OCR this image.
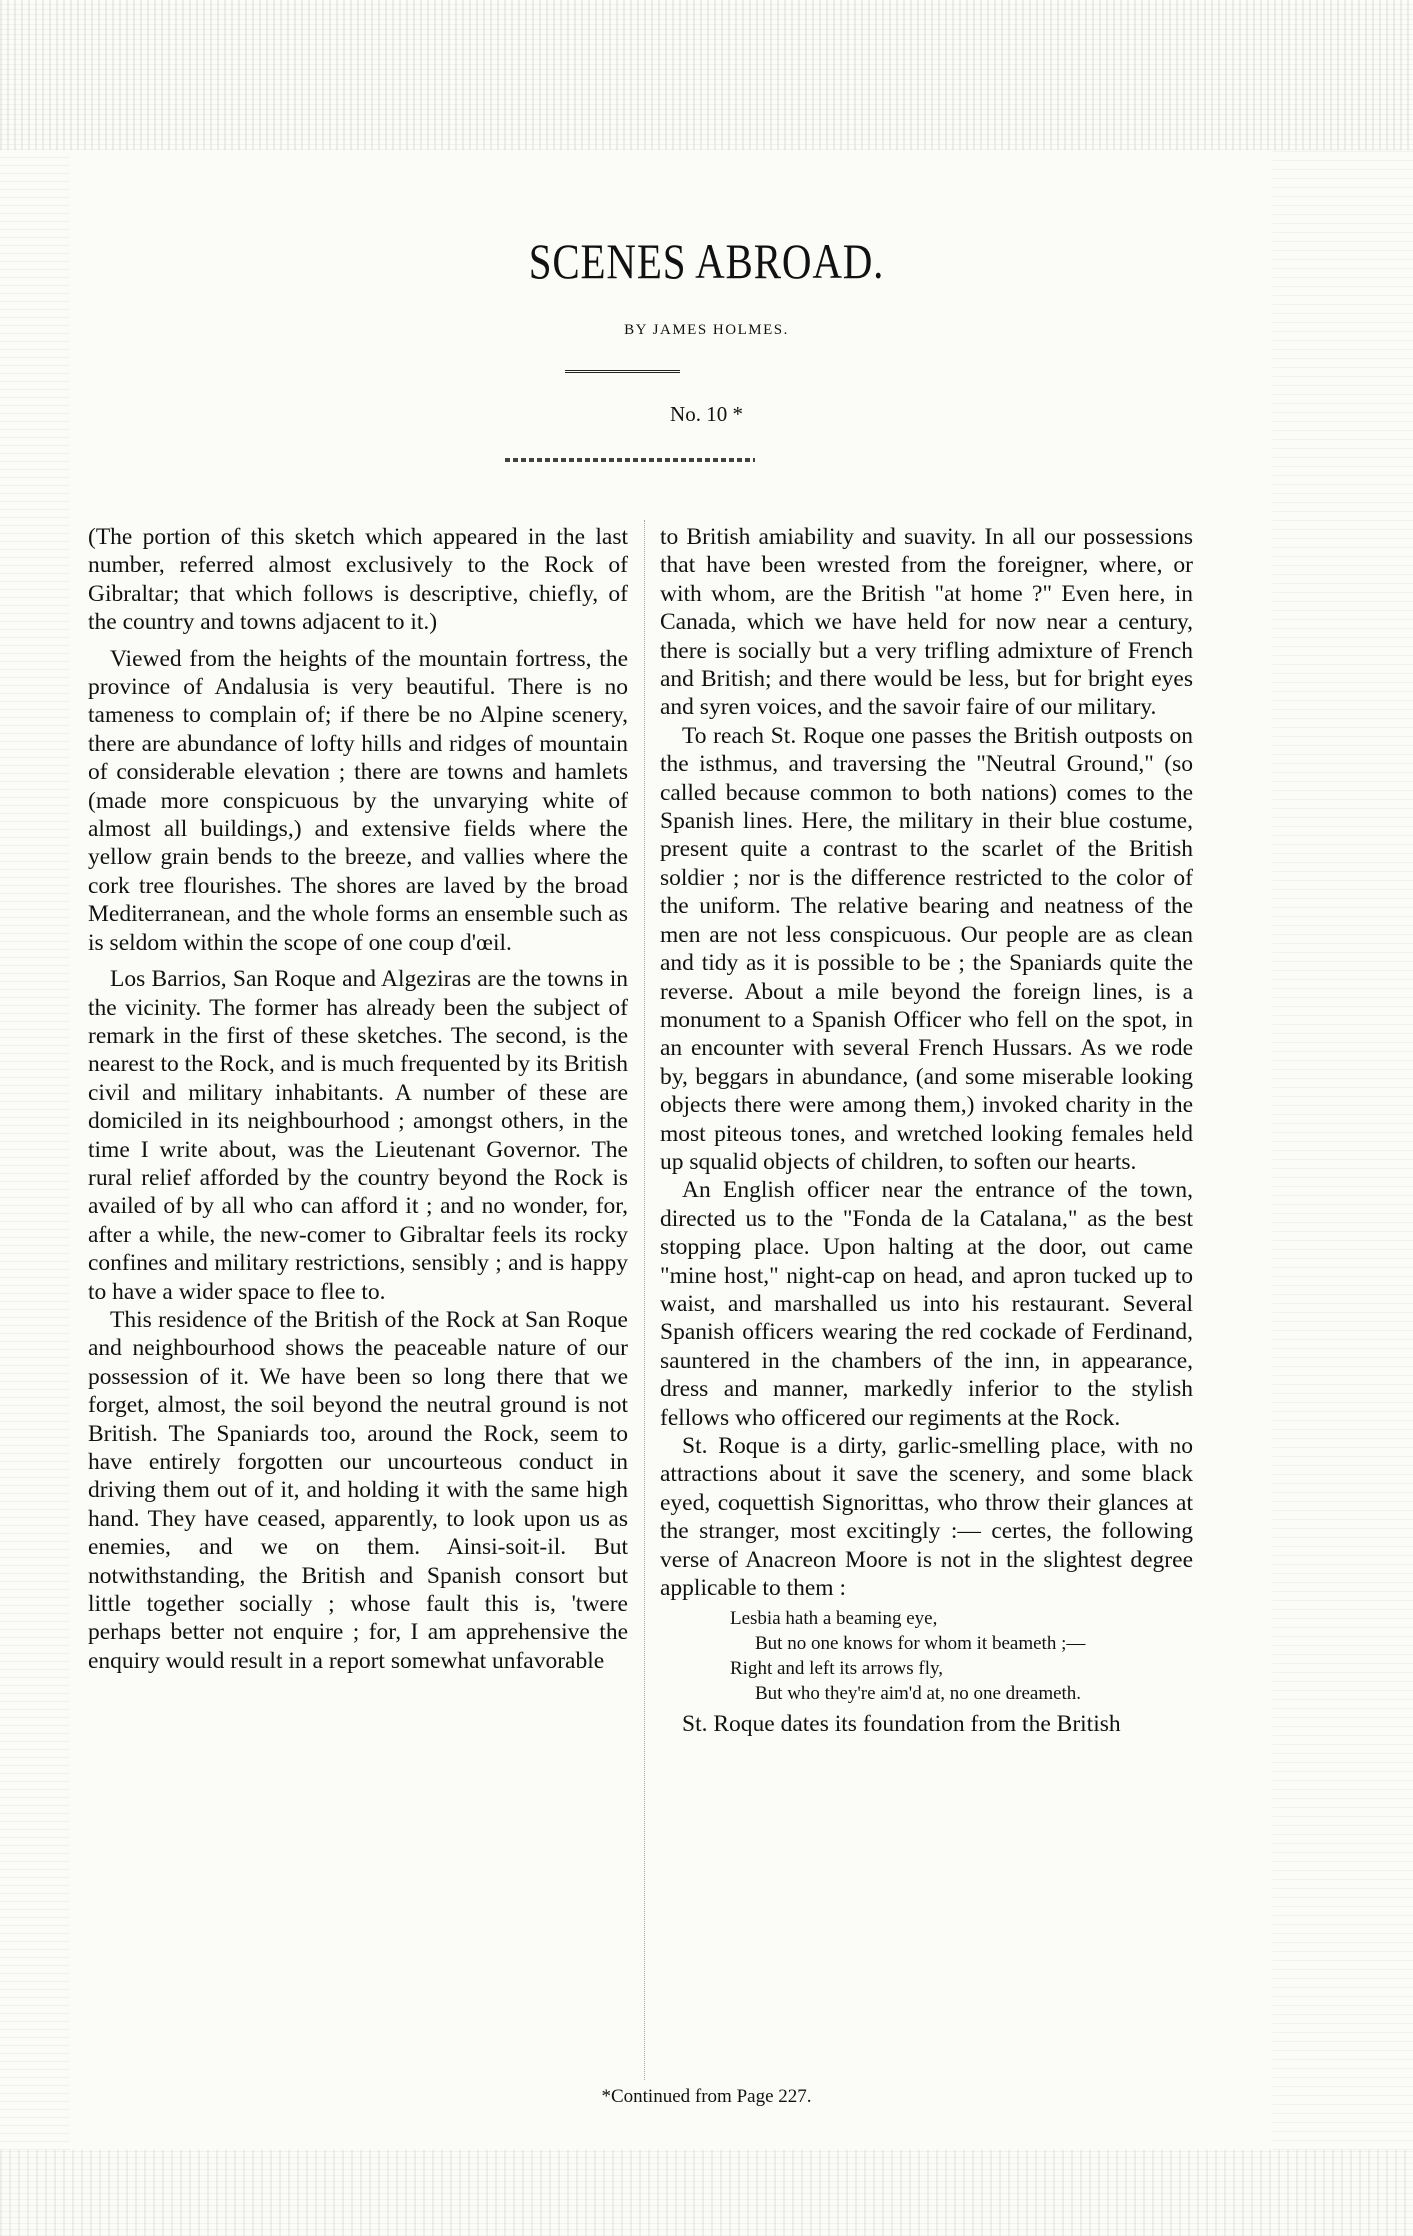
SCENES ABROAD.
BY JAMES HOLMES.
No. 10 *

(The portion of this sketch which appeared in the last number, referred almost exclusively to the Rock of Gibraltar; that which follows is descriptive, chiefly, of the country and towns adjacent to it.)

Viewed from the heights of the mountain fortress, the province of Andalusia is very beautiful. There is no tameness to complain of; if there be no Alpine scenery, there are abundance of lofty hills and ridges of mountain of considerable elevation ; there are towns and hamlets (made more conspicuous by the unvarying white of almost all buildings,) and extensive fields where the yellow grain bends to the breeze, and vallies where the cork tree flourishes. The shores are laved by the broad Mediterranean, and the whole forms an ensemble such as is seldom within the scope of one coup d'œil.

Los Barrios, San Roque and Algeziras are the towns in the vicinity. The former has already been the subject of remark in the first of these sketches. The second, is the nearest to the Rock, and is much frequented by its British civil and military inhabitants. A number of these are domiciled in its neighbourhood ; amongst others, in the time I write about, was the Lieutenant Governor. The rural relief afforded by the country beyond the Rock is availed of by all who can afford it ; and no wonder, for, after a while, the new-comer to Gibraltar feels its rocky confines and military restrictions, sensibly ; and is happy to have a wider space to flee to.

This residence of the British of the Rock at San Roque and neighbourhood shows the peaceable nature of our possession of it. We have been so long there that we forget, almost, the soil beyond the neutral ground is not British. The Spaniards too, around the Rock, seem to have entirely forgotten our uncourteous conduct in driving them out of it, and holding it with the same high hand. They have ceased, apparently, to look upon us as enemies, and we on them. Ainsi-soit-il. But notwithstanding, the British and Spanish consort but little together socially ; whose fault this is, 'twere perhaps better not enquire ; for, I am apprehensive the enquiry would result in a report somewhat unfavorable

to British amiability and suavity. In all our possessions that have been wrested from the foreigner, where, or with whom, are the British "at home ?" Even here, in Canada, which we have held for now near a century, there is socially but a very trifling admixture of French and British; and there would be less, but for bright eyes and syren voices, and the savoir faire of our military.

To reach St. Roque one passes the British outposts on the isthmus, and traversing the "Neutral Ground," (so called because common to both nations) comes to the Spanish lines. Here, the military in their blue costume, present quite a contrast to the scarlet of the British soldier ; nor is the difference restricted to the color of the uniform. The relative bearing and neatness of the men are not less conspicuous. Our people are as clean and tidy as it is possible to be ; the Spaniards quite the reverse. About a mile beyond the foreign lines, is a monument to a Spanish Officer who fell on the spot, in an encounter with several French Hussars. As we rode by, beggars in abundance, (and some miserable looking objects there were among them,) invoked charity in the most piteous tones, and wretched looking females held up squalid objects of children, to soften our hearts.

An English officer near the entrance of the town, directed us to the "Fonda de la Catalana," as the best stopping place. Upon halting at the door, out came "mine host," night-cap on head, and apron tucked up to waist, and marshalled us into his restaurant. Several Spanish officers wearing the red cockade of Ferdinand, sauntered in the chambers of the inn, in appearance, dress and manner, markedly inferior to the stylish fellows who officered our regiments at the Rock.

St. Roque is a dirty, garlic-smelling place, with no attractions about it save the scenery, and some black eyed, coquettish Signorittas, who throw their glances at the stranger, most excitingly :— certes, the following verse of Anacreon Moore is not in the slightest degree applicable to them :

Lesbia hath a beaming eye,
But no one knows for whom it beameth ;—
Right and left its arrows fly,
But who they're aim'd at, no one dreameth.

St. Roque dates its foundation from the British

*Continued from Page 227.
